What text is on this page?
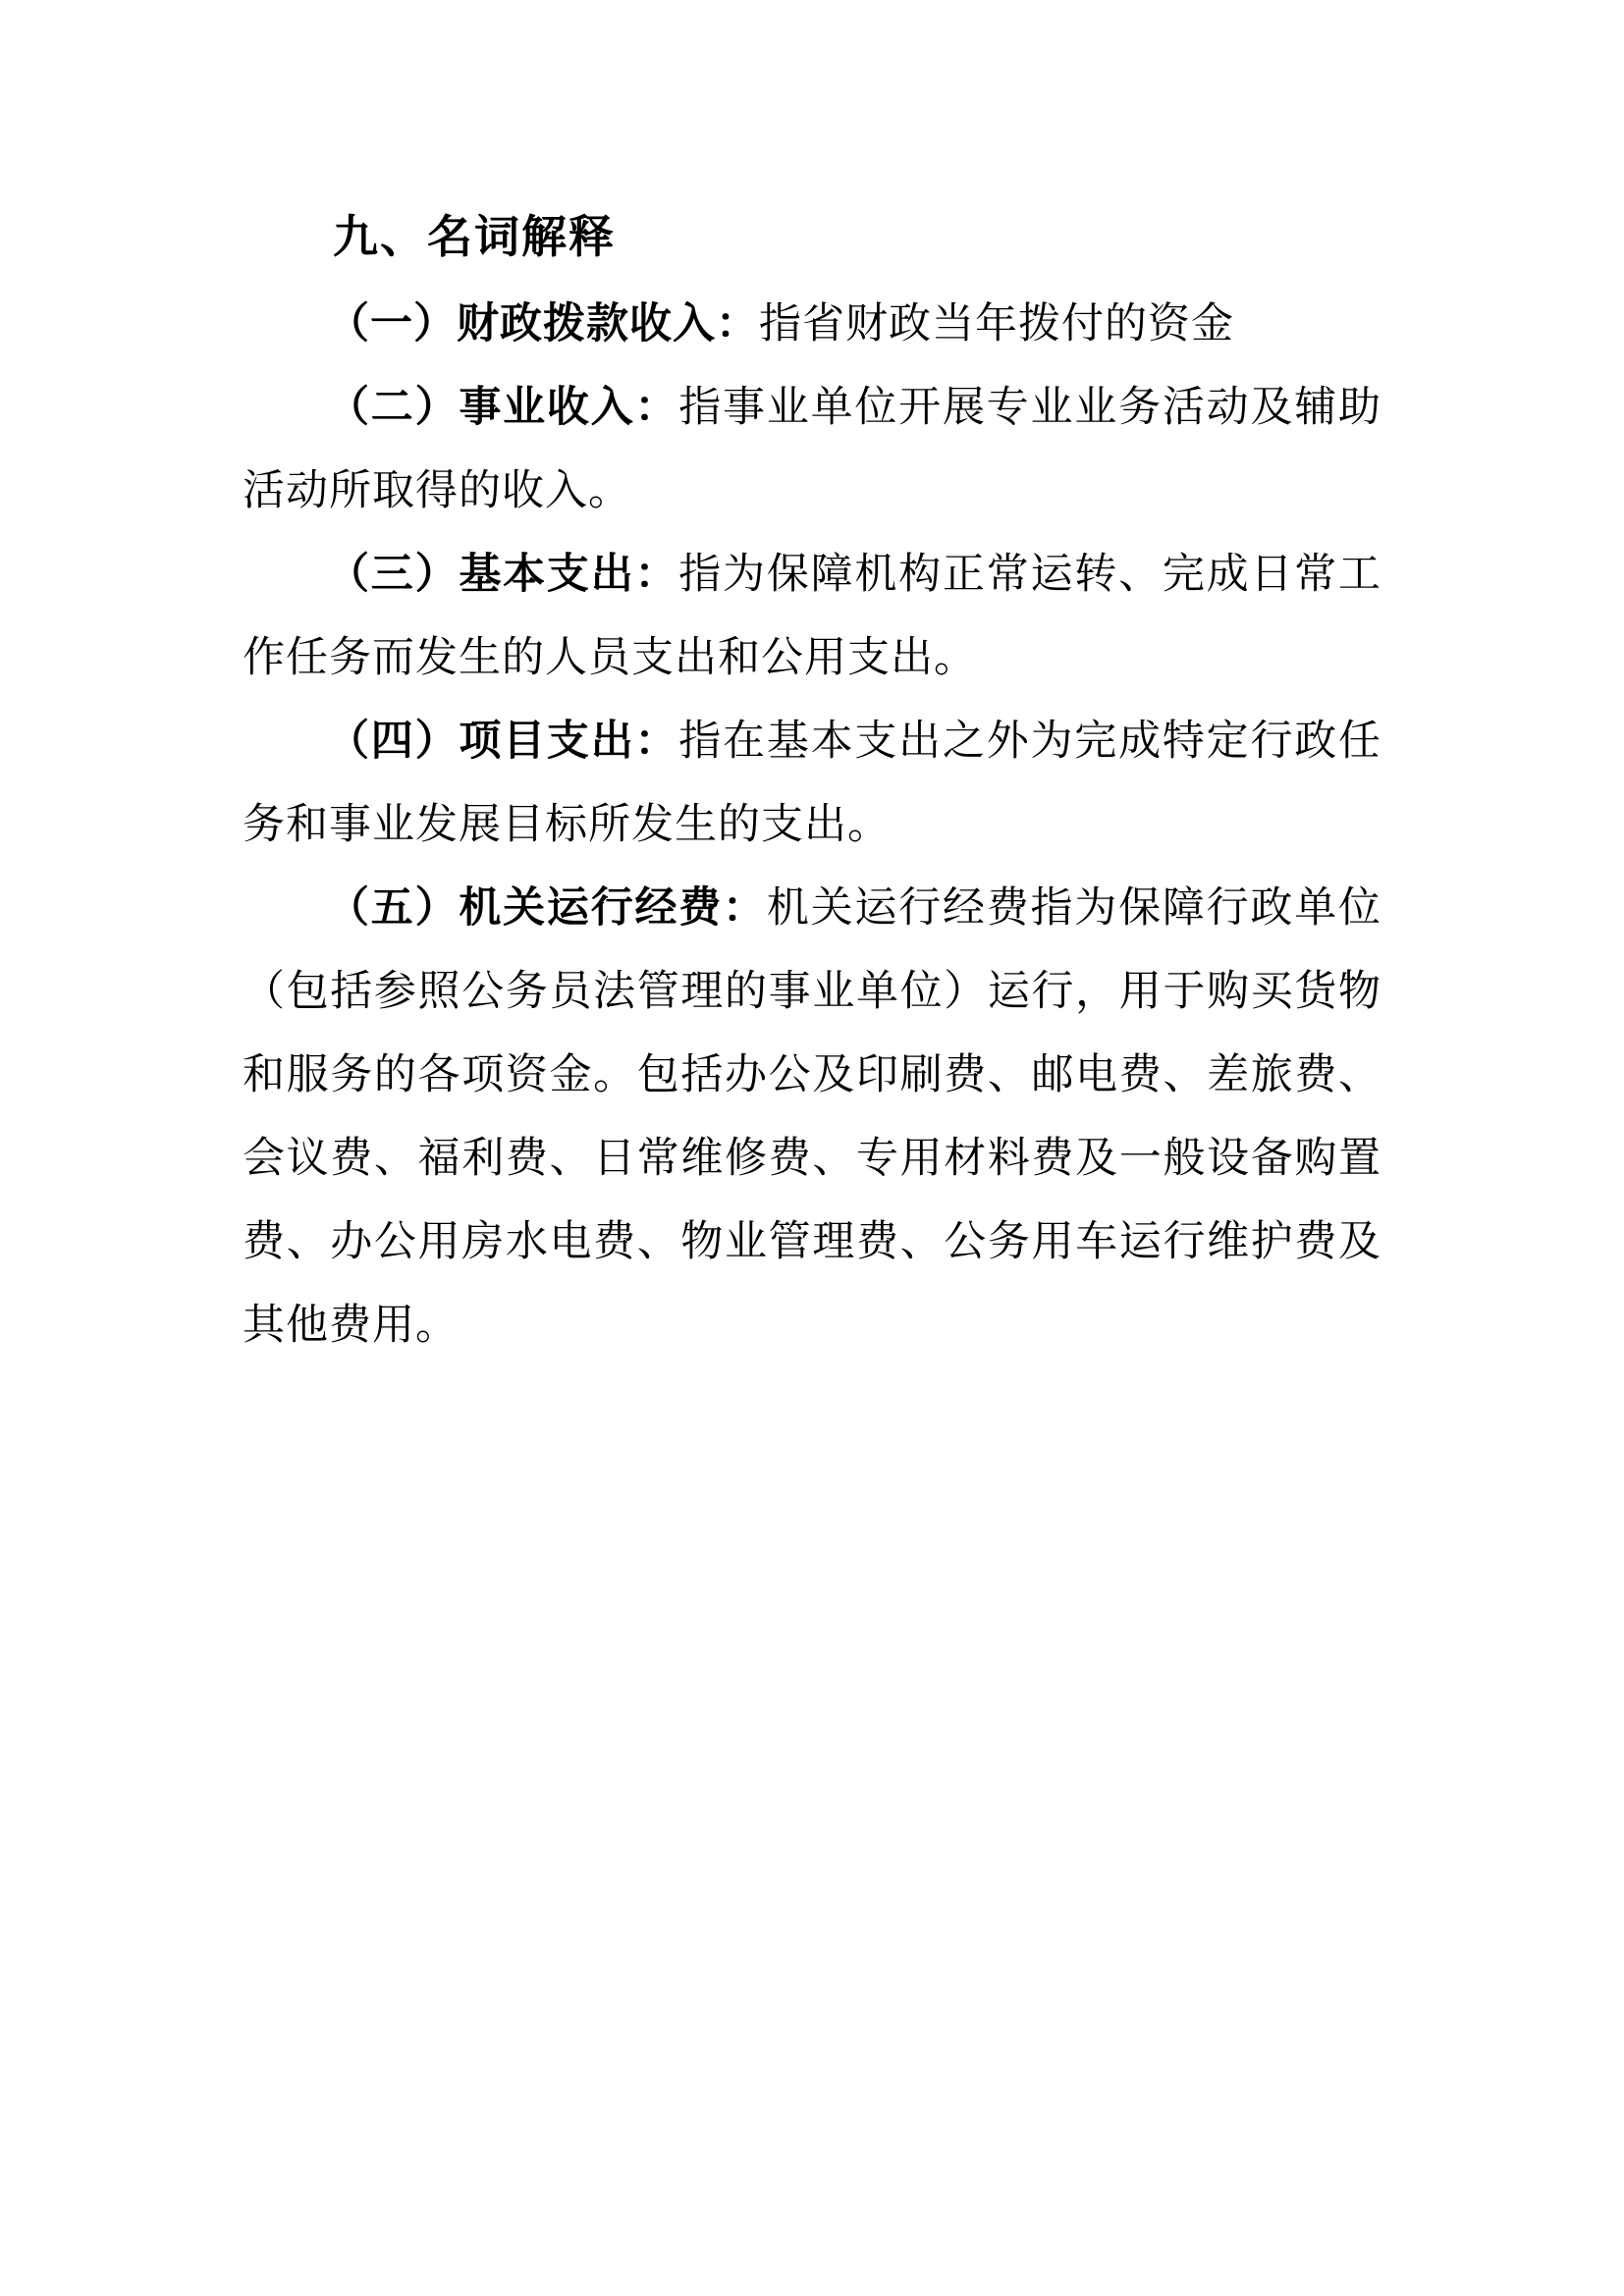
九、名词解释

（一）财政拨款收入：指省财政当年拨付的资金

（二）事业收入：指事业单位开展专业业务活动及辅助活动所取得的收入。

（三）基本支出：指为保障机构正常运转、完成日常工作任务而发生的人员支出和公用支出。

（四）项目支出：指在基本支出之外为完成特定行政任务和事业发展目标所发生的支出。

（五）机关运行经费：机关运行经费指为保障行政单位（包括参照公务员法管理的事业单位）运行，用于购买货物和服务的各项资金。包括办公及印刷费、邮电费、差旅费、会议费、福利费、日常维修费、专用材料费及一般设备购置费、办公用房水电费、物业管理费、公务用车运行维护费及其他费用。
